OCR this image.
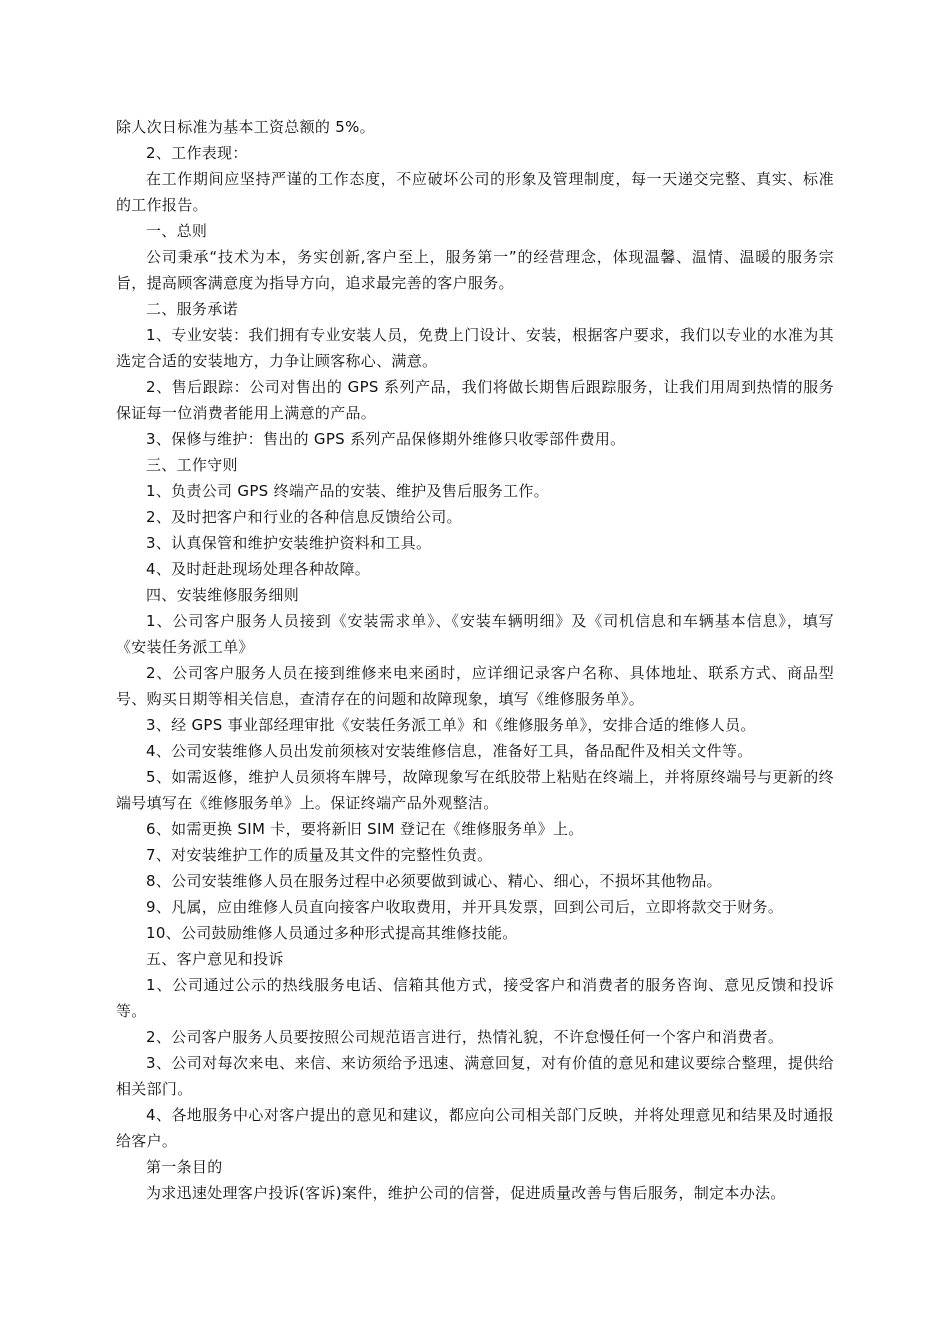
除人次日标准为基本工资总额的 5%。

2、工作表现：

在工作期间应坚持严谨的工作态度，不应破坏公司的形象及管理制度，每一天递交完整、真实、标准的工作报告。

一、总则

公司秉承“技术为本，务实创新,客户至上，服务第一”的经营理念，体现温馨、温情、温暖的服务宗旨，提高顾客满意度为指导方向，追求最完善的客户服务。

二、服务承诺

1、专业安装：我们拥有专业安装人员，免费上门设计、安装，根据客户要求，我们以专业的水准为其选定合适的安装地方，力争让顾客称心、满意。

2、售后跟踪：公司对售出的 GPS 系列产品，我们将做长期售后跟踪服务，让我们用周到热情的服务保证每一位消费者能用上满意的产品。

3、保修与维护：售出的 GPS 系列产品保修期外维修只收零部件费用。

三、工作守则

1、负责公司 GPS 终端产品的安装、维护及售后服务工作。

2、及时把客户和行业的各种信息反馈给公司。

3、认真保管和维护安装维护资料和工具。

4、及时赶赴现场处理各种故障。

四、安装维修服务细则

1、公司客户服务人员接到《安装需求单》、《安装车辆明细》及《司机信息和车辆基本信息》，填写《安装任务派工单》

2、公司客户服务人员在接到维修来电来函时，应详细记录客户名称、具体地址、联系方式、商品型号、购买日期等相关信息，查清存在的问题和故障现象，填写《维修服务单》。

3、经 GPS 事业部经理审批《安装任务派工单》和《维修服务单》，安排合适的维修人员。

4、公司安装维修人员出发前须核对安装维修信息，准备好工具，备品配件及相关文件等。

5、如需返修，维护人员须将车牌号，故障现象写在纸胶带上粘贴在终端上，并将原终端号与更新的终端号填写在《维修服务单》上。保证终端产品外观整洁。

6、如需更换 SIM 卡，要将新旧 SIM 登记在《维修服务单》上。

7、对安装维护工作的质量及其文件的完整性负责。

8、公司安装维修人员在服务过程中必须要做到诚心、精心、细心，不损坏其他物品。

9、凡属，应由维修人员直向接客户收取费用，并开具发票，回到公司后，立即将款交于财务。

10、公司鼓励维修人员通过多种形式提高其维修技能。

五、客户意见和投诉

1、公司通过公示的热线服务电话、信箱其他方式，接受客户和消费者的服务咨询、意见反馈和投诉等。

2、公司客户服务人员要按照公司规范语言进行，热情礼貌，不许怠慢任何一个客户和消费者。

3、公司对每次来电、来信、来访须给予迅速、满意回复，对有价值的意见和建议要综合整理，提供给相关部门。

4、各地服务中心对客户提出的意见和建议，都应向公司相关部门反映，并将处理意见和结果及时通报给客户。

第一条目的

为求迅速处理客户投诉(客诉)案件，维护公司的信誉，促进质量改善与售后服务，制定本办法。
